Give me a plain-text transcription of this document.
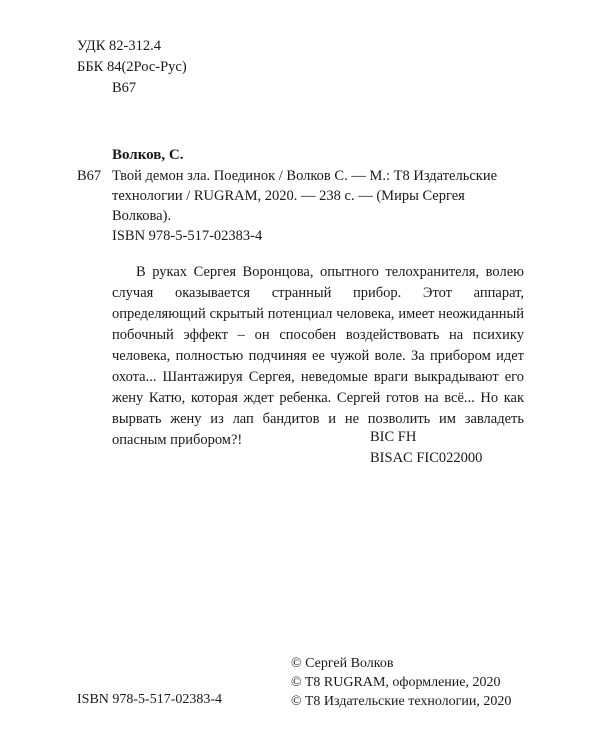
УДК 82-312.4
ББК 84(2Рос-Рус)
В67
Волков, С.
В67 Твой демон зла. Поединок / Волков С. — М.: T8 Издательские технологии / RUGRAM, 2020. — 238 с. — (Миры Сергея Волкова).
ISBN 978-5-517-02383-4

В руках Сергея Воронцова, опытного телохранителя, волею случая оказывается странный прибор. Этот аппарат, определяющий скрытый потенциал человека, имеет неожиданный побочный эффект – он способен воздействовать на психику человека, полностью подчиняя ее чужой воле. За прибором идет охота... Шантажируя Сергея, неведомые враги выкрадывают его жену Катю, которая ждет ребенка. Сергей готов на всё... Но как вырвать жену из лап бандитов и не позволить им завладеть опасным прибором?!	BIC FH
BISAC FIC022000
© Сергей Волков
© T8 RUGRAM, оформление, 2020
© T8 Издательские технологии, 2020
ISBN 978-5-517-02383-4
